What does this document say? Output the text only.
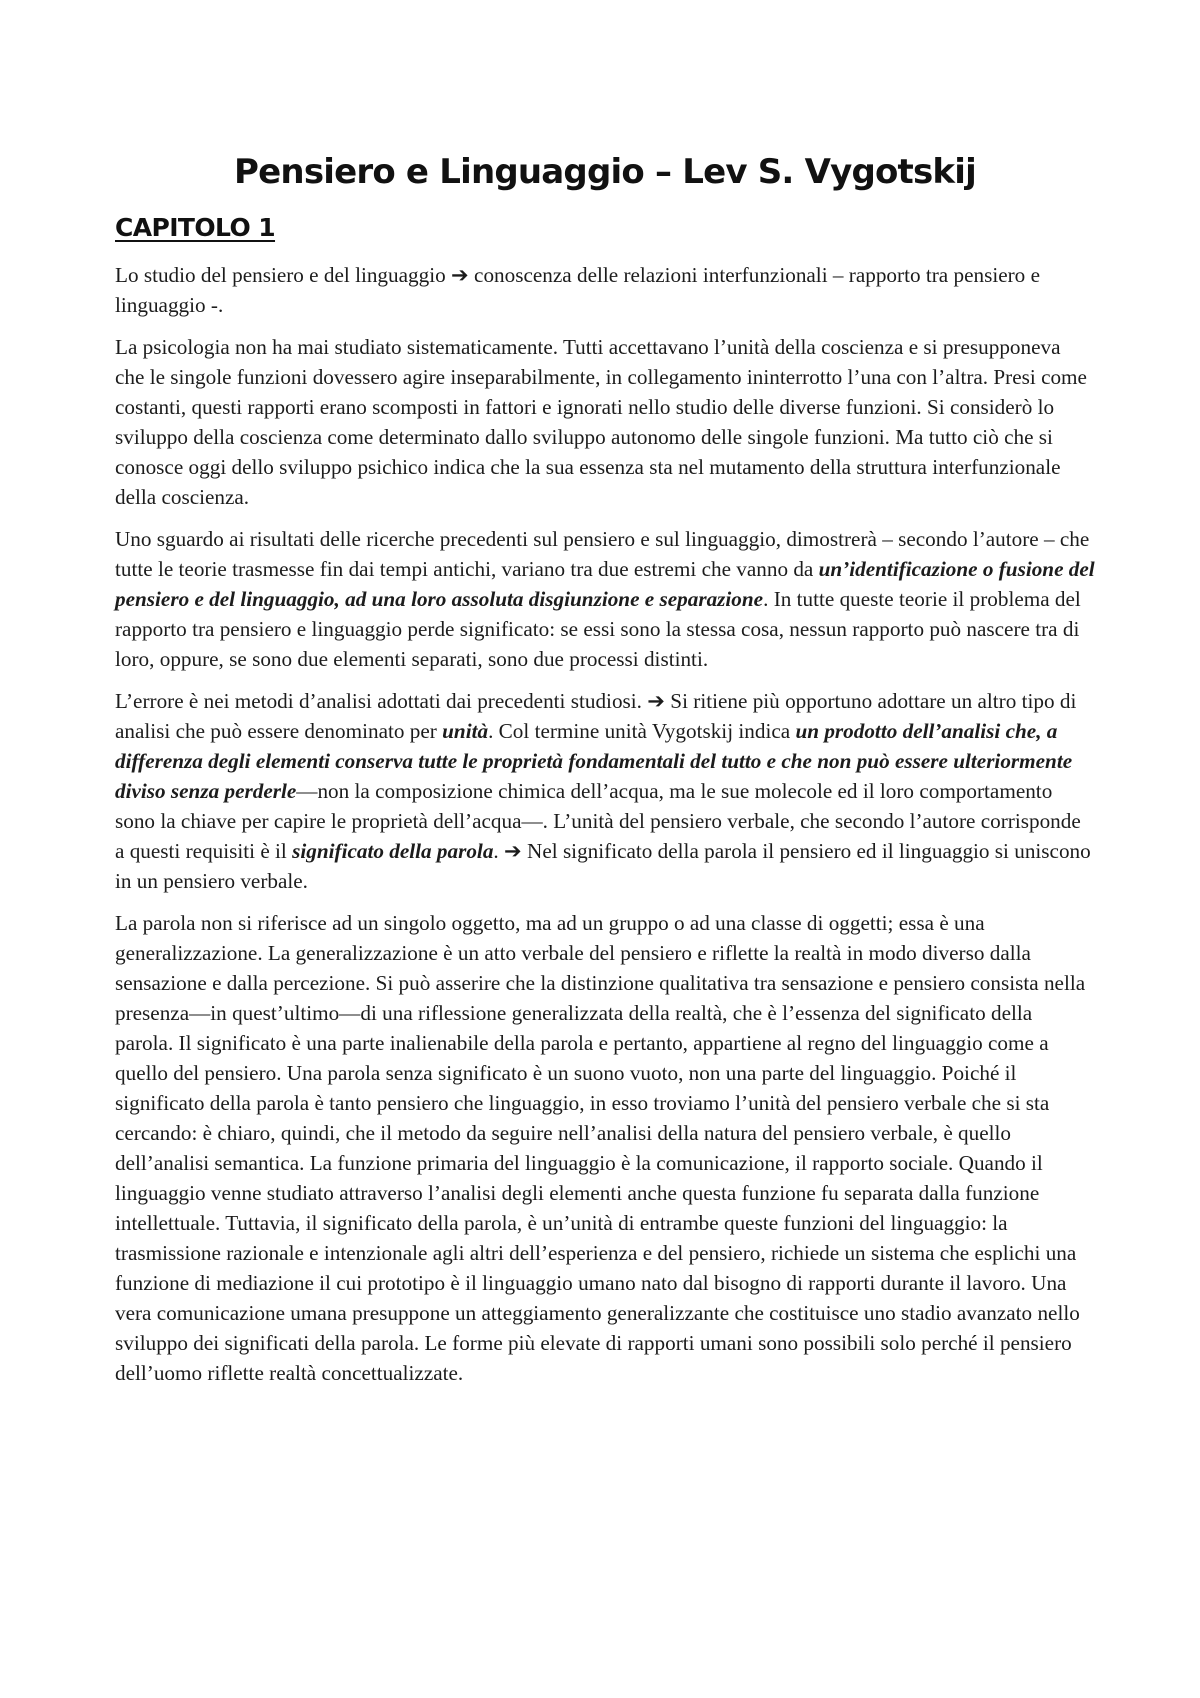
Pensiero e Linguaggio – Lev S. Vygotskij
CAPITOLO 1

Lo studio del pensiero e del linguaggio ➔ conoscenza delle relazioni interfunzionali – rapporto tra pensiero e linguaggio -.

La psicologia non ha mai studiato sistematicamente. Tutti accettavano l’unità della coscienza e si presupponeva che le singole funzioni dovessero agire inseparabilmente, in collegamento ininterrotto l’una con l’altra. Presi come costanti, questi rapporti erano scomposti in fattori e ignorati nello studio delle diverse funzioni. Si considerò lo sviluppo della coscienza come determinato dallo sviluppo autonomo delle singole funzioni. Ma tutto ciò che si conosce oggi dello sviluppo psichico indica che la sua essenza sta nel mutamento della struttura interfunzionale della coscienza.

Uno sguardo ai risultati delle ricerche precedenti sul pensiero e sul linguaggio, dimostrerà – secondo l’autore – che tutte le teorie trasmesse fin dai tempi antichi, variano tra due estremi che vanno da un’identificazione o fusione del pensiero e del linguaggio, ad una loro assoluta disgiunzione e separazione. In tutte queste teorie il problema del rapporto tra pensiero e linguaggio perde significato: se essi sono la stessa cosa, nessun rapporto può nascere tra di loro, oppure, se sono due elementi separati, sono due processi distinti.

L’errore è nei metodi d’analisi adottati dai precedenti studiosi. ➔ Si ritiene più opportuno adottare un altro tipo di analisi che può essere denominato per unità. Col termine unità Vygotskij indica un prodotto dell’analisi che, a differenza degli elementi conserva tutte le proprietà fondamentali del tutto e che non può essere ulteriormente diviso senza perderle—non la composizione chimica dell’acqua, ma le sue molecole ed il loro comportamento sono la chiave per capire le proprietà dell’acqua—. L’unità del pensiero verbale, che secondo l’autore corrisponde a questi requisiti è il significato della parola. ➔ Nel significato della parola il pensiero ed il linguaggio si uniscono in un pensiero verbale.

La parola non si riferisce ad un singolo oggetto, ma ad un gruppo o ad una classe di oggetti; essa è una generalizzazione. La generalizzazione è un atto verbale del pensiero e riflette la realtà in modo diverso dalla sensazione e dalla percezione. Si può asserire che la distinzione qualitativa tra sensazione e pensiero consista nella presenza—in quest’ultimo—di una riflessione generalizzata della realtà, che è l’essenza del significato della parola. Il significato è una parte inalienabile della parola e pertanto, appartiene al regno del linguaggio come a quello del pensiero. Una parola senza significato è un suono vuoto, non una parte del linguaggio. Poiché il significato della parola è tanto pensiero che linguaggio, in esso troviamo l’unità del pensiero verbale che si sta cercando: è chiaro, quindi, che il metodo da seguire nell’analisi della natura del pensiero verbale, è quello dell’analisi semantica. La funzione primaria del linguaggio è la comunicazione, il rapporto sociale. Quando il linguaggio venne studiato attraverso l’analisi degli elementi anche questa funzione fu separata dalla funzione intellettuale. Tuttavia, il significato della parola, è un’unità di entrambe queste funzioni del linguaggio: la trasmissione razionale e intenzionale agli altri dell’esperienza e del pensiero, richiede un sistema che esplichi una funzione di mediazione il cui prototipo è il linguaggio umano nato dal bisogno di rapporti durante il lavoro. Una vera comunicazione umana presuppone un atteggiamento generalizzante che costituisce uno stadio avanzato nello sviluppo dei significati della parola. Le forme più elevate di rapporti umani sono possibili solo perché il pensiero dell’uomo riflette realtà concettualizzate.
